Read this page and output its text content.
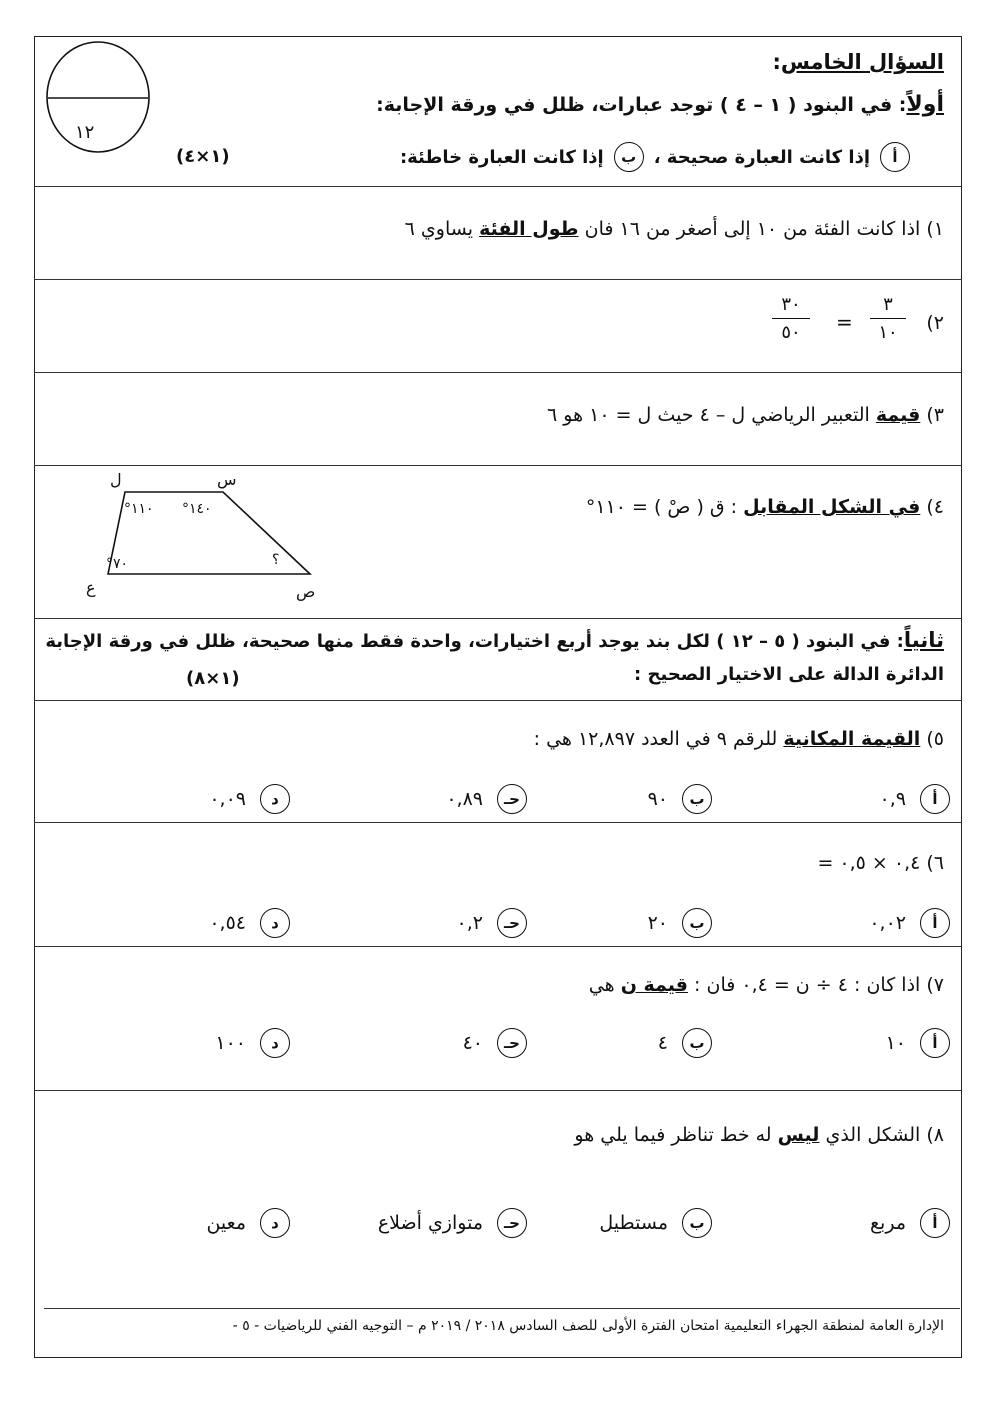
١٢
السؤال الخامس:
أولاً: في البنود ( ١ – ٤ ) توجد عبارات، ظلل في ورقة الإجابة:
أ
إذا كانت العبارة صحيحة ،
ب
إذا كانت العبارة خاطئة:
(١×٤)
١) اذا كانت الفئة من ١٠ إلى أصغر من ١٦ فان طول الفئة يساوي ٦
٢)
٣
١٠
=
٣٠
٥٠
٣) قيمة التعبير الرياضي ل – ٤ حيث ل = ١٠ هو ٦
٤) في الشكل المقابل : ق ( صْ ) = ١١٠°
س
ل
ع	ص
١٤٠°
١١٠°
٧٠°	؟
ثانياً: في البنود ( ٥ – ١٢ ) لكل بند يوجد أربع اختيارات، واحدة فقط منها صحيحة، ظلل في ورقة الإجابة
الدائرة الدالة على الاختيار الصحيح :
(١×٨)
٥) القيمة المكانية للرقم ٩ في العدد ١٢,٨٩٧ هي :
أ
٠,٩
ب
٩٠
حـ
٠,٨٩
د
٠,٠٩
٦) ٠,٤ × ٠,٥ =
أ
٠,٠٢
ب
٢٠
حـ
٠,٢
د
٠,٥٤
٧) اذا كان : ٤ ÷ ن = ٠,٤ فان : قيمة ن هي
أ
١٠
ب
٤
حـ
٤٠
د
١٠٠
٨) الشكل الذي ليس له خط تناظر فيما يلي هو
أ
مربع
ب
مستطيل
حـ
متوازي أضلاع
د
معين
الإدارة العامة لمنطقة الجهراء التعليمية امتحان الفترة الأولى للصف السادس ٢٠١٨ / ٢٠١٩ م – التوجيه الفني للرياضيات - ٥ -
